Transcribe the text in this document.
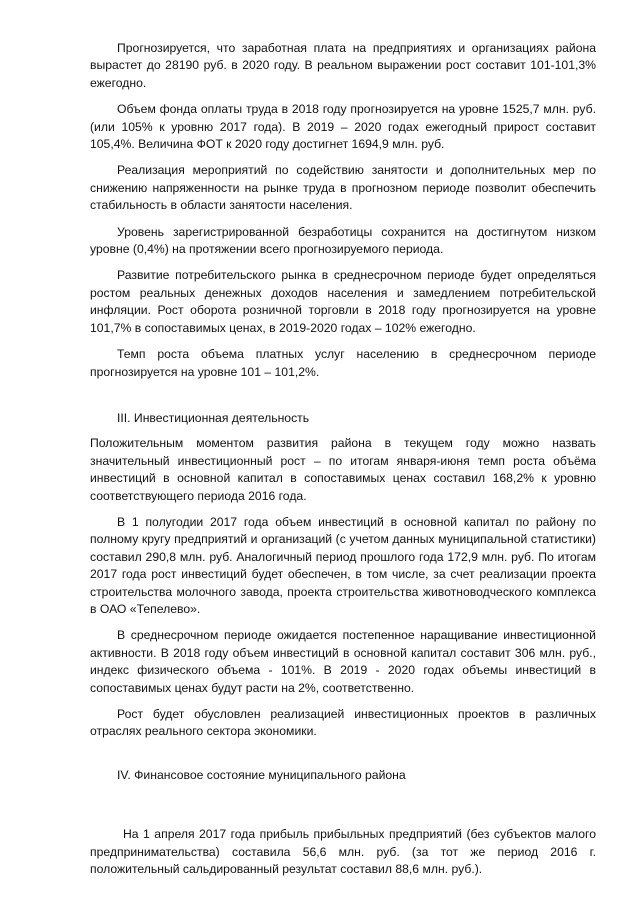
Прогнозируется, что заработная плата на предприятиях и организациях района вырастет до 28190 руб. в 2020 году. В реальном выражении рост составит 101-101,3% ежегодно.

Объем фонда оплаты труда в 2018 году прогнозируется на уровне 1525,7 млн. руб. (или 105% к уровню 2017 года). В 2019 – 2020 годах ежегодный прирост составит 105,4%. Величина ФОТ к 2020 году достигнет 1694,9 млн. руб.

Реализация мероприятий по содействию занятости и дополнительных мер по снижению напряженности на рынке труда в прогнозном периоде позволит обеспечить стабильность в области занятости населения.

Уровень зарегистрированной безработицы сохранится на достигнутом низком уровне (0,4%) на протяжении всего прогнозируемого периода.

Развитие потребительского рынка в среднесрочном периоде будет определяться ростом реальных денежных доходов населения и замедлением потребительской инфляции. Рост оборота розничной торговли в 2018 году прогнозируется на уровне 101,7% в сопоставимых ценах, в 2019-2020 годах – 102% ежегодно.

Темп роста объема платных услуг населению в среднесрочном периоде прогнозируется на уровне 101 – 101,2%.

III. Инвестиционная деятельность

Положительным моментом развития района в текущем году можно назвать значительный инвестиционный рост – по итогам января-июня темп роста объёма инвестиций в основной капитал в сопоставимых ценах составил 168,2% к уровню соответствующего периода 2016 года.

В 1 полугодии 2017 года объем инвестиций в основной капитал по району по полному кругу предприятий и организаций (с учетом данных муниципальной статистики) составил 290,8 млн. руб. Аналогичный период прошлого года 172,9 млн. руб. По итогам 2017 года рост инвестиций будет обеспечен, в том числе, за счет реализации проекта строительства молочного завода, проекта строительства животноводческого комплекса в ОАО «Тепелево».

В среднесрочном периоде ожидается постепенное наращивание инвестиционной активности. В 2018 году объем инвестиций в основной капитал составит 306 млн. руб., индекс физического объема - 101%. В 2019 - 2020 годах объемы инвестиций в сопоставимых ценах будут расти на 2%, соответственно.

Рост будет обусловлен реализацией инвестиционных проектов в различных отраслях реального сектора экономики.

IV. Финансовое состояние муниципального района

На 1 апреля 2017 года прибыль прибыльных предприятий (без субъектов малого предпринимательства) составила 56,6 млн. руб. (за тот же период 2016 г. положительный сальдированный результат составил 88,6 млн. руб.).
